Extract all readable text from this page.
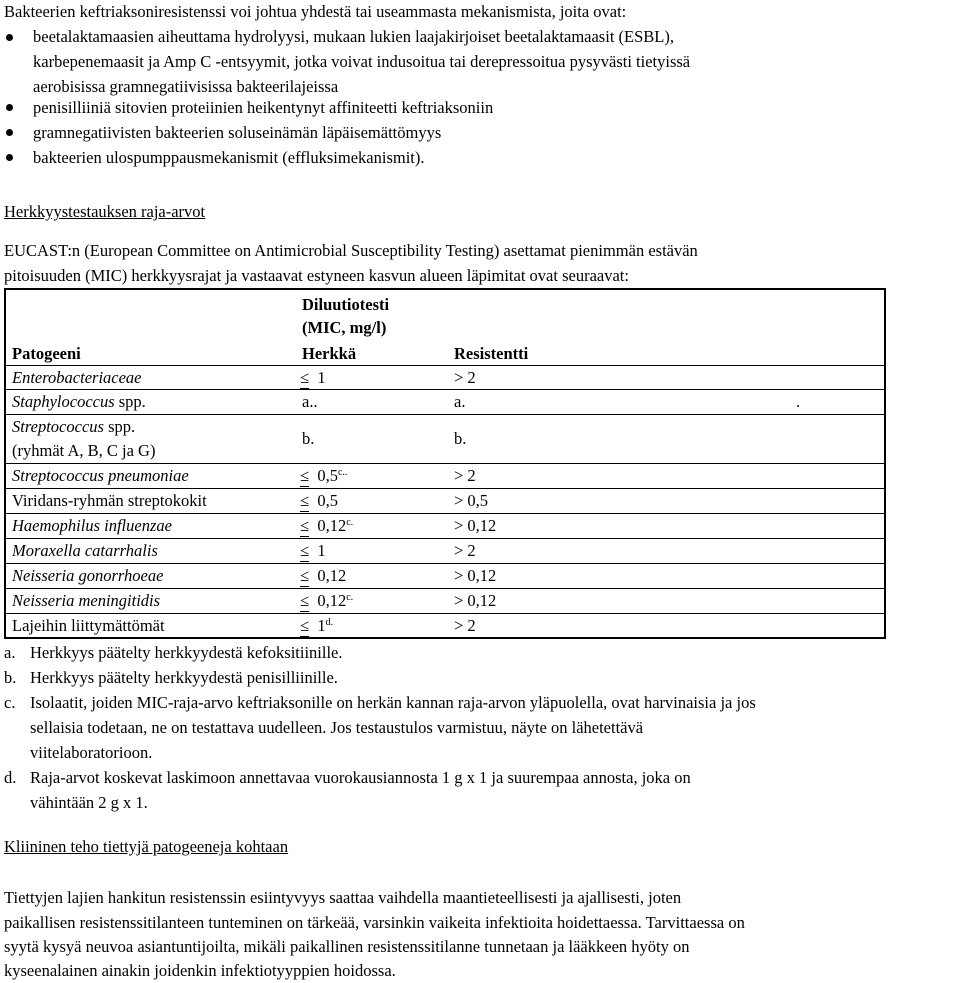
Bakteerien keftriaksoniresistenssi voi johtua yhdestä tai useammasta mekanismista, joita ovat:
beetalaktamaasien aiheuttama hydrolyysi, mukaan lukien laajakirjoiset beetalaktamaasit (ESBL),
karbepenemaasit ja Amp C -entsyymit, jotka voivat indusoitua tai derepressoitua pysyvästi tietyissä
aerobisissa gramnegatiivisissa bakteerilajeissa
penisilliiniä sitovien proteiinien heikentynyt affiniteetti keftriaksoniin
gramnegatiivisten bakteerien soluseinämän läpäisemättömyys
bakteerien ulospumppausmekanismit (effluksimekanismit).
Herkkyystestauksen raja-arvot
EUCAST:n (European Committee on Antimicrobial Susceptibility Testing) asettamat pienimmän estävän
pitoisuuden (MIC) herkkyysrajat ja vastaavat estyneen kasvun alueen läpimitat ovat seuraavat:
Diluutiotesti
(MIC, mg/l)
Patogeeni	Herkkä	Resistentti
Enterobacteriaceae	≤ 1	> 2
Staphylococcus spp.	a..	a.	.
Streptococcus spp.
(ryhmät A, B, C ja G)
b.	b.
Streptococcus pneumoniae	≤ $0,5^{c..}$	> 2
Viridans-ryhmän streptokokit	≤ 0,5	> 0,5
Haemophilus influenzae	≤ $0,12^{c.}$	> 0,12
Moraxella catarrhalis	≤ 1	> 2
Neisseria gonorrhoeae	≤ 0,12	> 0,12
Neisseria meningitidis	≤ $0,12^{c.}$	> 0,12
Lajeihin liittymättömät	≤ $1^{d.}$	> 2
a. Herkkyys päätelty herkkyydestä kefoksitiinille.
b. Herkkyys päätelty herkkyydestä penisilliinille.
c. Isolaatit, joiden MIC-raja-arvo keftriaksonille on herkän kannan raja-arvon yläpuolella, ovat harvinaisia ja jos
sellaisia todetaan, ne on testattava uudelleen. Jos testaustulos varmistuu, näyte on lähetettävä
viitelaboratorioon.
d. Raja-arvot koskevat laskimoon annettavaa vuorokausiannosta 1 g x 1 ja suurempaa annosta, joka on
vähintään 2 g x 1.
Kliininen teho tiettyjä patogeeneja kohtaan
Tiettyjen lajien hankitun resistenssin esiintyvyys saattaa vaihdella maantieteellisesti ja ajallisesti, joten
paikallisen resistenssitilanteen tunteminen on tärkeää, varsinkin vaikeita infektioita hoidettaessa. Tarvittaessa on
syytä kysyä neuvoa asiantuntijoilta, mikäli paikallinen resistenssitilanne tunnetaan ja lääkkeen hyöty on
kyseenalainen ainakin joidenkin infektiotyyppien hoidossa.
